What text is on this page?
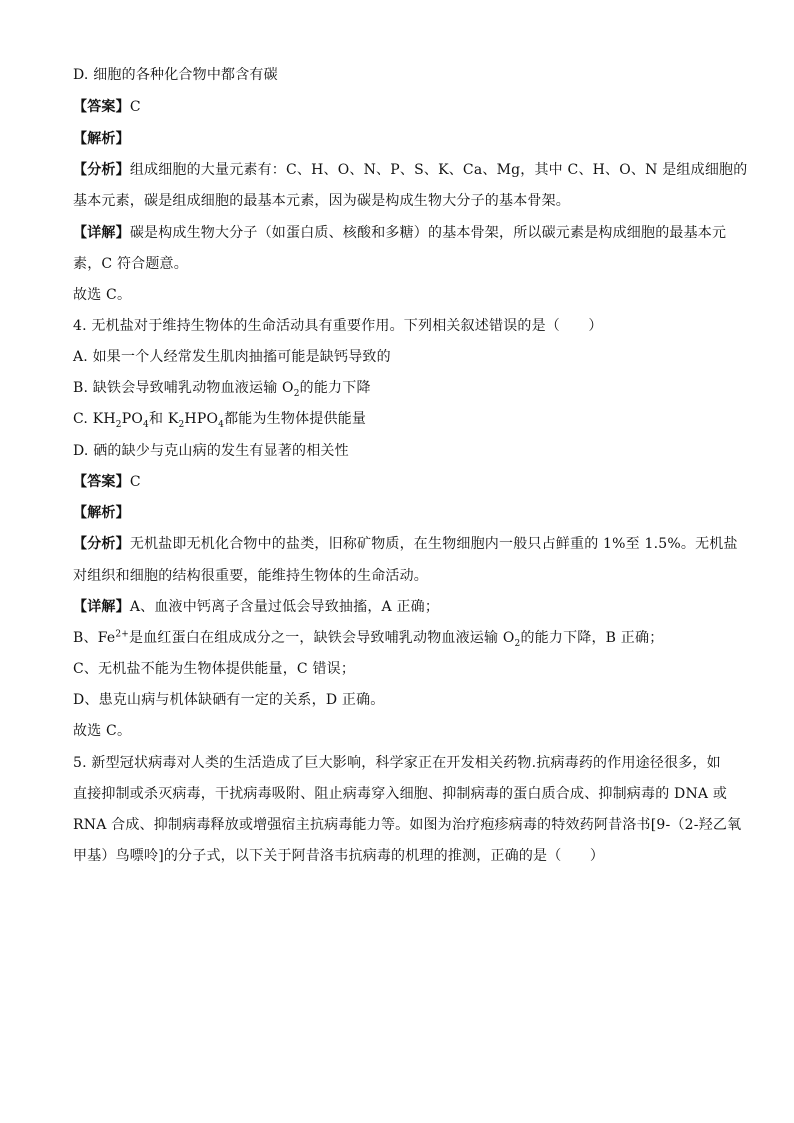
D. 细胞的各种化合物中都含有碳
【答案】C
【解析】
【分析】组成细胞的大量元素有：C、H、O、N、P、S、K、Ca、Mg，其中 C、H、O、N 是组成细胞的
基本元素，碳是组成细胞的最基本元素，因为碳是构成生物大分子的基本骨架。
【详解】碳是构成生物大分子（如蛋白质、核酸和多糖）的基本骨架，所以碳元素是构成细胞的最基本元
素，C 符合题意。
故选 C。
4. 无机盐对于维持生物体的生命活动具有重要作用。下列相关叙述错误的是（　　）
A. 如果一个人经常发生肌肉抽搐可能是缺钙导致的
B. 缺铁会导致哺乳动物血液运输 $O_2$的能力下降
C. $KH_2PO_4$和 $K_2HPO_4$都能为生物体提供能量
D. 硒的缺少与克山病的发生有显著的相关性
【答案】C
【解析】
【分析】无机盐即无机化合物中的盐类，旧称矿物质，在生物细胞内一般只占鲜重的 1%至 1.5%。无机盐
对组织和细胞的结构很重要，能维持生物体的生命活动。
【详解】A、血液中钙离子含量过低会导致抽搐，A 正确；
B、$Fe^{2+}$是血红蛋白在组成成分之一，缺铁会导致哺乳动物血液运输 $O_2$的能力下降，B 正确；
C、无机盐不能为生物体提供能量，C 错误；
D、患克山病与机体缺硒有一定的关系，D 正确。
故选 C。
5. 新型冠状病毒对人类的生活造成了巨大影响，科学家正在开发相关药物.抗病毒药的作用途径很多，如
直接抑制或杀灭病毒，干扰病毒吸附、阻止病毒穿入细胞、抑制病毒的蛋白质合成、抑制病毒的 DNA 或
RNA 合成、抑制病毒释放或增强宿主抗病毒能力等。如图为治疗疱疹病毒的特效药阿昔洛书[9-（2-羟乙氧
甲基）鸟嘌呤]的分子式，以下关于阿昔洛韦抗病毒的机理的推测，正确的是（　　）
